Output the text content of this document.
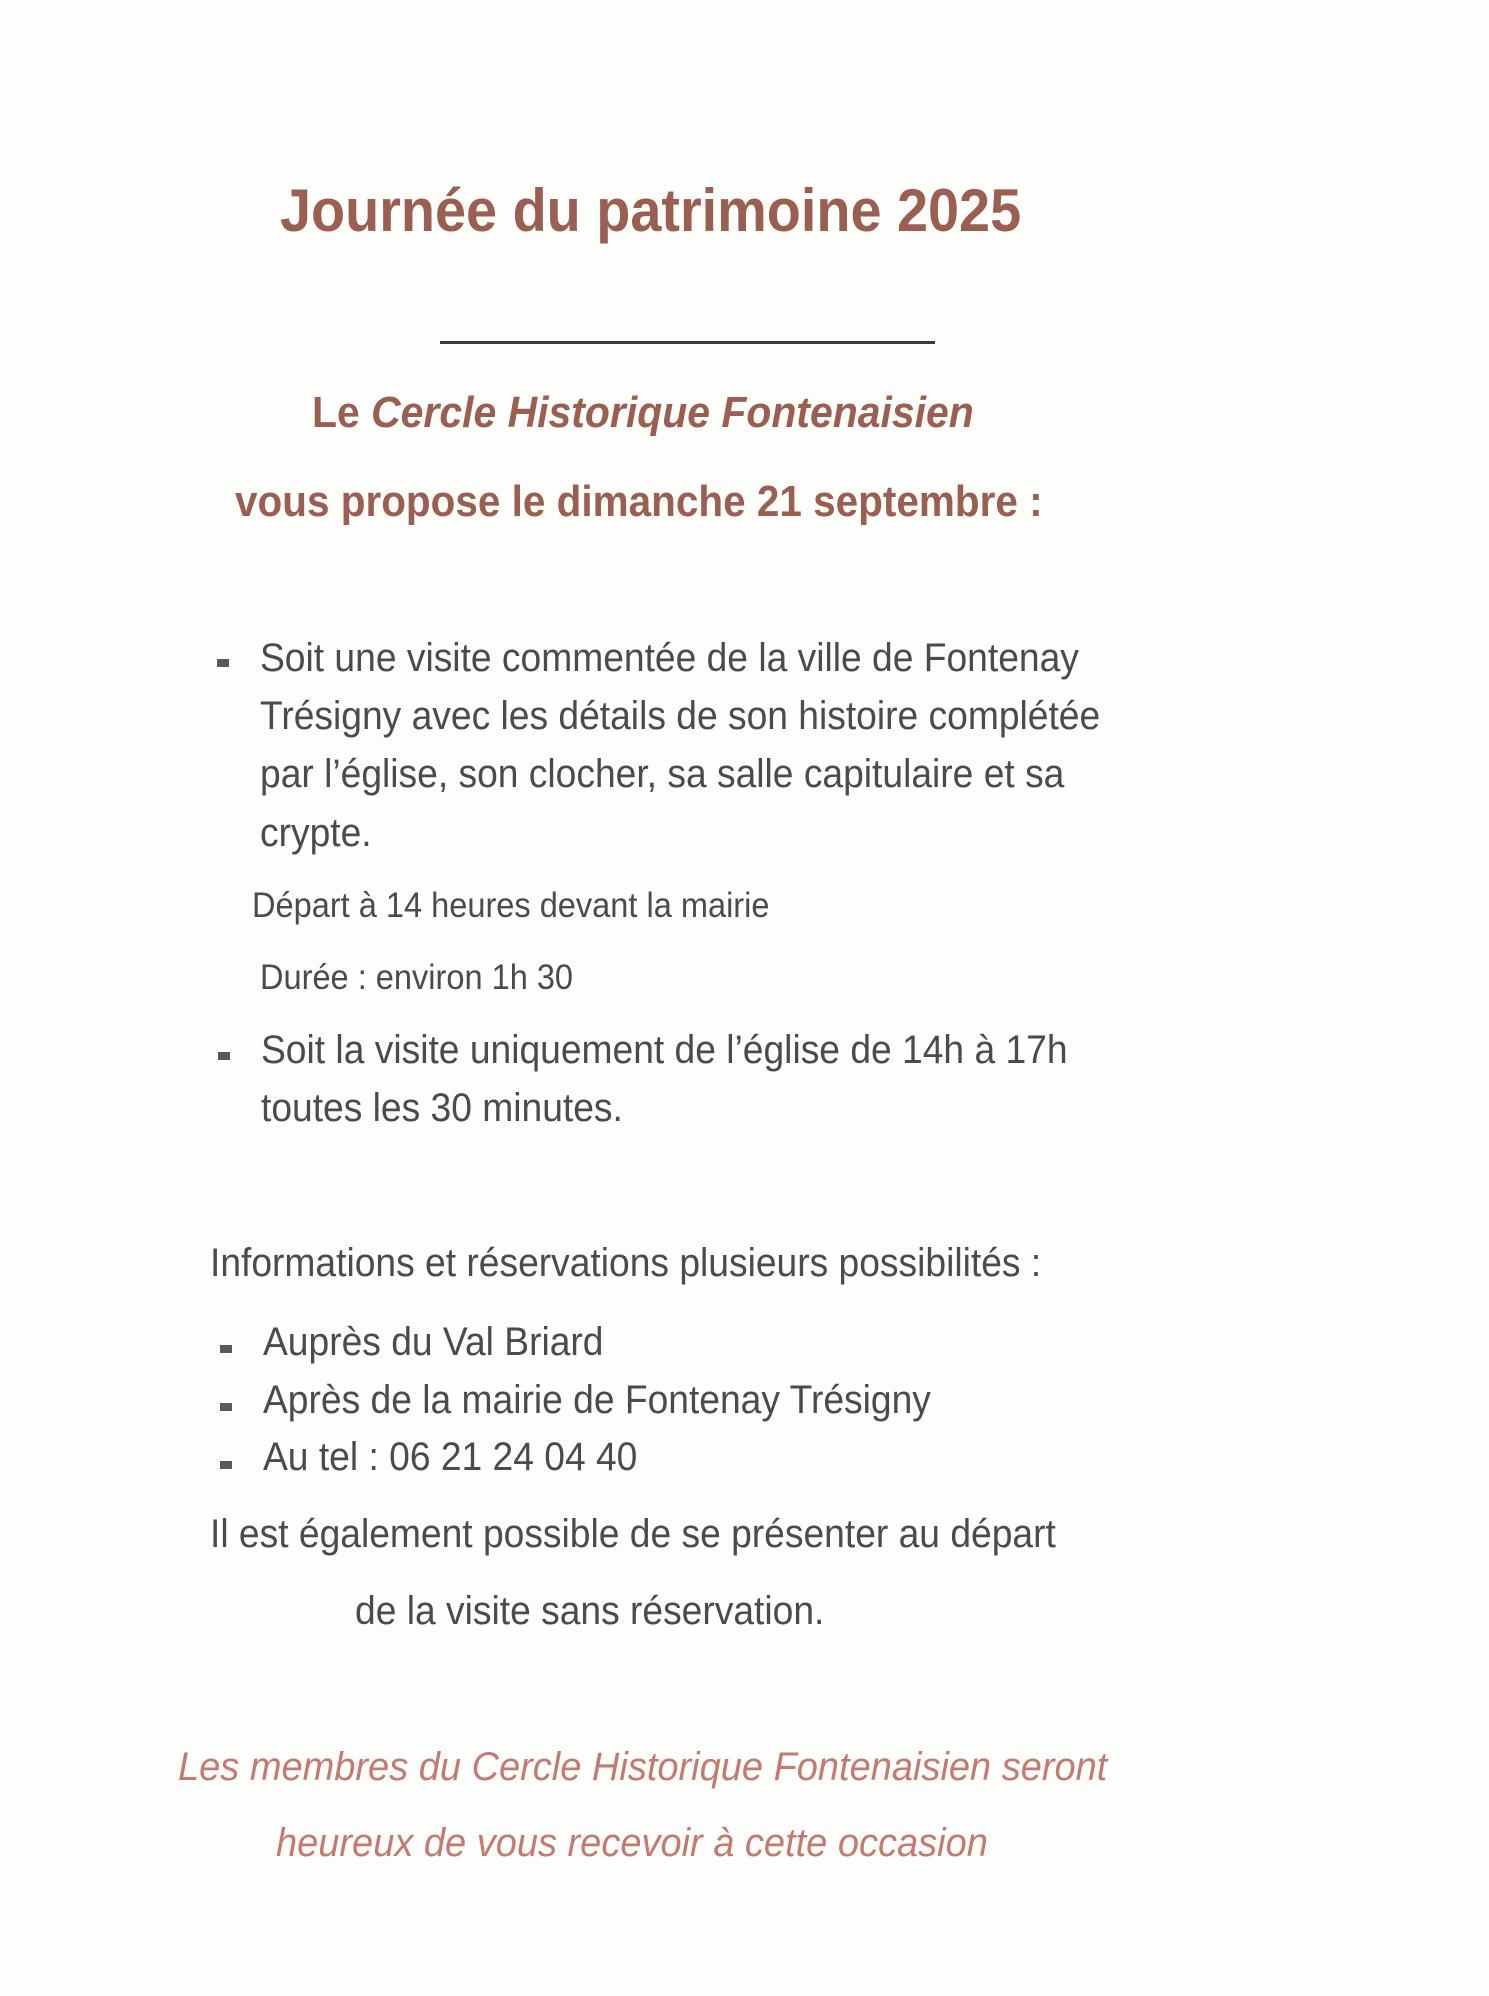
Journée du patrimoine 2025
Le Cercle Historique Fontenaisien
vous propose le dimanche 21 septembre :
Soit une visite commentée de la ville de Fontenay
Trésigny avec les détails de son histoire complétée
par l’église, son clocher, sa salle capitulaire et sa
crypte.
Départ à 14 heures devant la mairie
Durée : environ 1h 30
Soit la visite uniquement de l’église de 14h à 17h
toutes les 30 minutes.
Informations et réservations plusieurs possibilités :
Auprès du Val Briard
Après de la mairie de Fontenay Trésigny
Au tel : 06 21 24 04 40
Il est également possible de se présenter au départ
de la visite sans réservation.
Les membres du Cercle Historique Fontenaisien seront
heureux de vous recevoir à cette occasion
